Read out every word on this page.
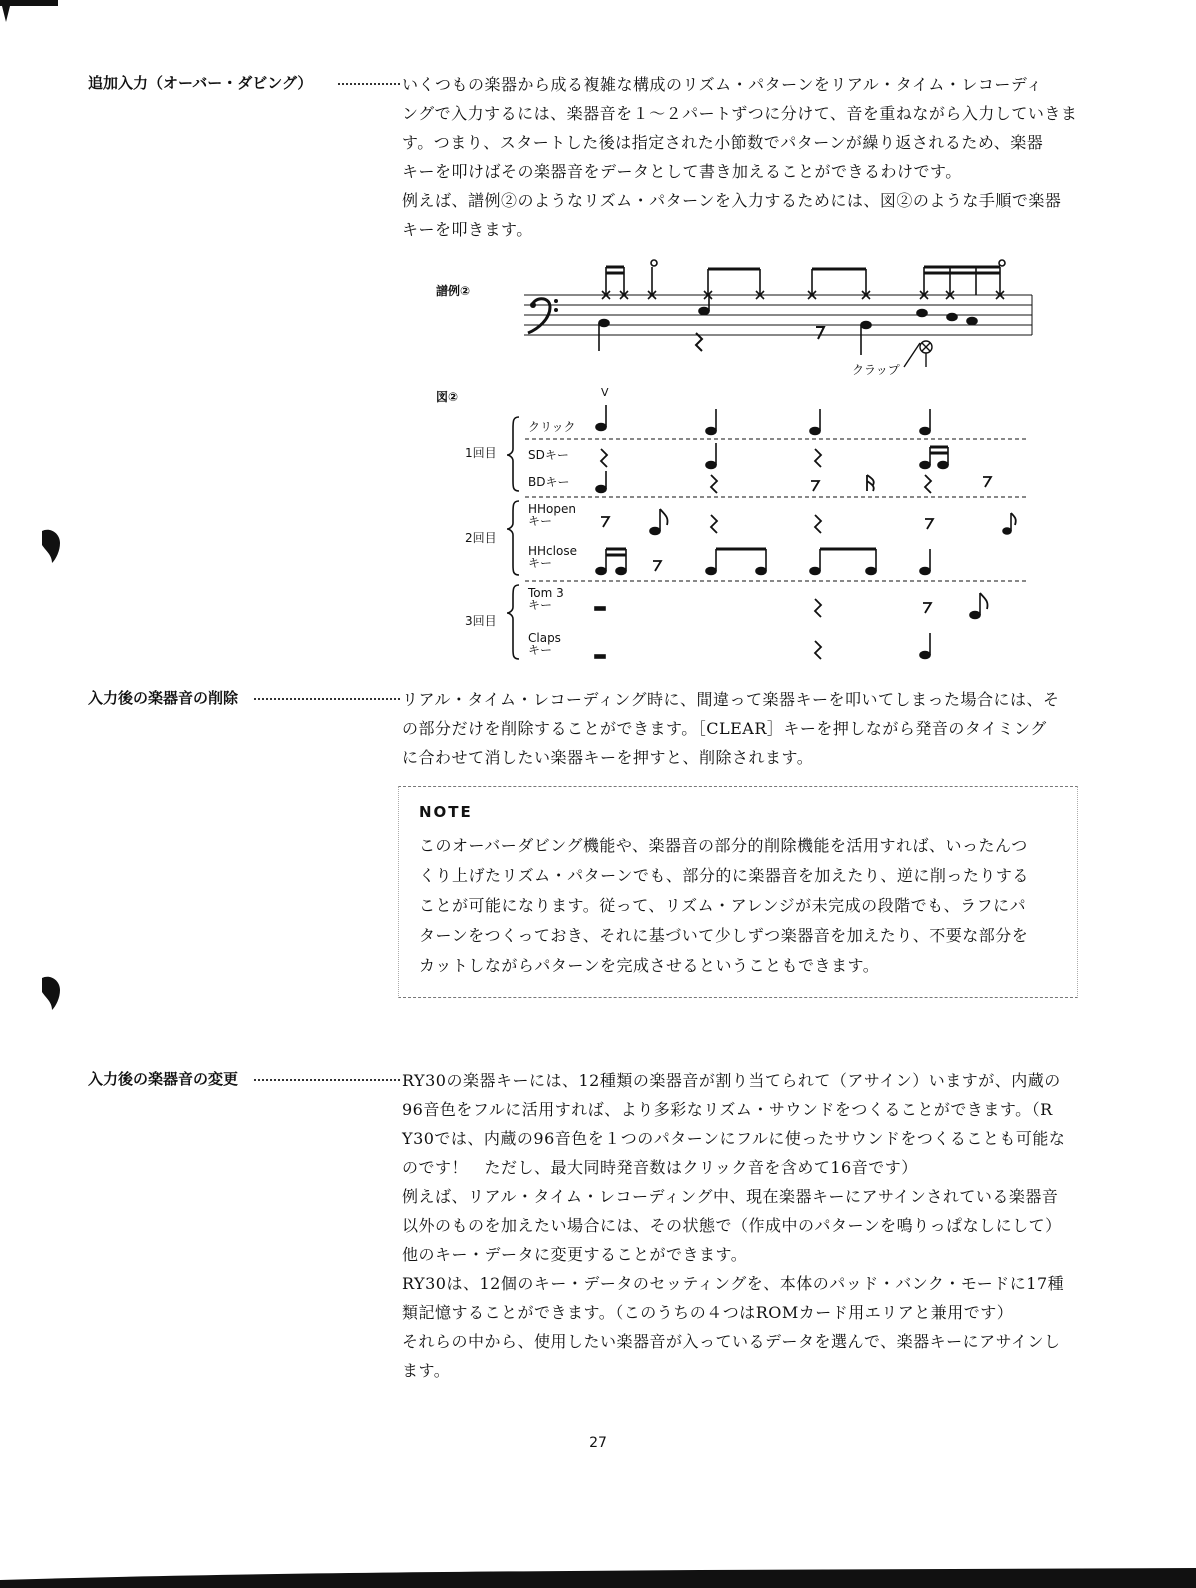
追加入力（オーバー・ダビング）	いくつもの楽器から成る複雑な構成のリズム・パターンをリアル・タイム・レコーディ

ングで入力するには、楽器音を１～２パートずつに分けて、音を重ねながら入力していきま

す。つまり、スタートした後は指定された小節数でパターンが繰り返されるため、楽器

キーを叩けばその楽器音をデータとして書き加えることができるわけです。

例えば、譜例②のようなリズム・パターンを入力するためには、図②のような手順で楽器

キーを叩きます。

譜例②
クラップ
図②	V
1回目
2回目
3回目
クリック
SDキー
BDキー
HHopen キー
HHclose キー
Tom 3 キー
Claps キー
入力後の楽器音の削除	リアル・タイム・レコーディング時に、間違って楽器キーを叩いてしまった場合には、そ

の部分だけを削除することができます。［CLEAR］キーを押しながら発音のタイミング

に合わせて消したい楽器キーを押すと、削除されます。

NOTE
このオーバーダビング機能や、楽器音の部分的削除機能を活用すれば、いったんつ
くり上げたリズム・パターンでも、部分的に楽器音を加えたり、逆に削ったりする
ことが可能になります。従って、リズム・アレンジが未完成の段階でも、ラフにパ
ターンをつくっておき、それに基づいて少しずつ楽器音を加えたり、不要な部分を
カットしながらパターンを完成させるということもできます。
入力後の楽器音の変更	RY30の楽器キーには、12種類の楽器音が割り当てられて（アサイン）いますが、内蔵の

96音色をフルに活用すれば、より多彩なリズム・サウンドをつくることができます。（R

Y30では、内蔵の96音色を１つのパターンにフルに使ったサウンドをつくることも可能な

のです！　ただし、最大同時発音数はクリック音を含めて16音です）

例えば、リアル・タイム・レコーディング中、現在楽器キーにアサインされている楽器音

以外のものを加えたい場合には、その状態で（作成中のパターンを鳴りっぱなしにして）

他のキー・データに変更することができます。

RY30は、12個のキー・データのセッティングを、本体のパッド・バンク・モードに17種

類記憶することができます。（このうちの４つはROMカード用エリアと兼用です）

それらの中から、使用したい楽器音が入っているデータを選んで、楽器キーにアサインし

ます。

27
